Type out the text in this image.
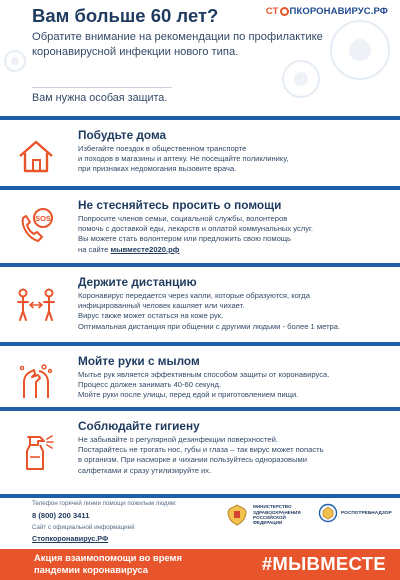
СТ ПКОРОНАВИРУС.РФ
Вам больше 60 лет?
Обратите внимание на рекомендации по профилактике коронавирусной инфекции нового типа.
Вам нужна особая защита.
Побудьте дома
Избегайте поездок в общественном транспорте
и походов в магазины и аптеку. Не посещайте поликлинику,
при признаках недомогания вызовите врача.
SOS
Не стесняйтесь просить о помощи
Попросите членов семьи, социальной службы, волонтеров
помочь с доставкой еды, лекарств и оплатой коммунальных услуг.
Вы можете стать волонтером или предложить свою помощь
на сайте мывместе2020.рф
Держите дистанцию
Коронавирус передается через капли, которые образуются, когда
инфицированный человек кашляет или чихает.
Вирус также может остаться на коже рук.
Оптимальная дистанция при общении с другими людьми - более 1 метра.
Мойте руки с мылом
Мытье рук является эффективным способом защиты от коронавируса.
Процесс должен занимать 40-60 секунд.
Мойте руки после улицы, перед едой и приготовлением пищи.
Соблюдайте гигиену
Не забывайте о регулярной дезинфекции поверхностей.
Постарайтесь не трогать нос, губы и глаза – так вирус может попасть
в организм. При насморке и чихании пользуйтесь одноразовыми
салфетками и сразу утилизируйте их.
Телефон горячей линии помощи пожилым людям:
8 (800) 200 3411
Сайт с официальной информацией
Стопкоронавирус.РФ
МИНИСТЕРСТВО ЗДРАВООХРАНЕНИЯ РОССИЙСКОЙ ФЕДЕРАЦИИ
РОСПОТРЕБНАДЗОР
Акция взаимопомощи во время пандемии коронавируса	#МЫВМЕСТЕ
